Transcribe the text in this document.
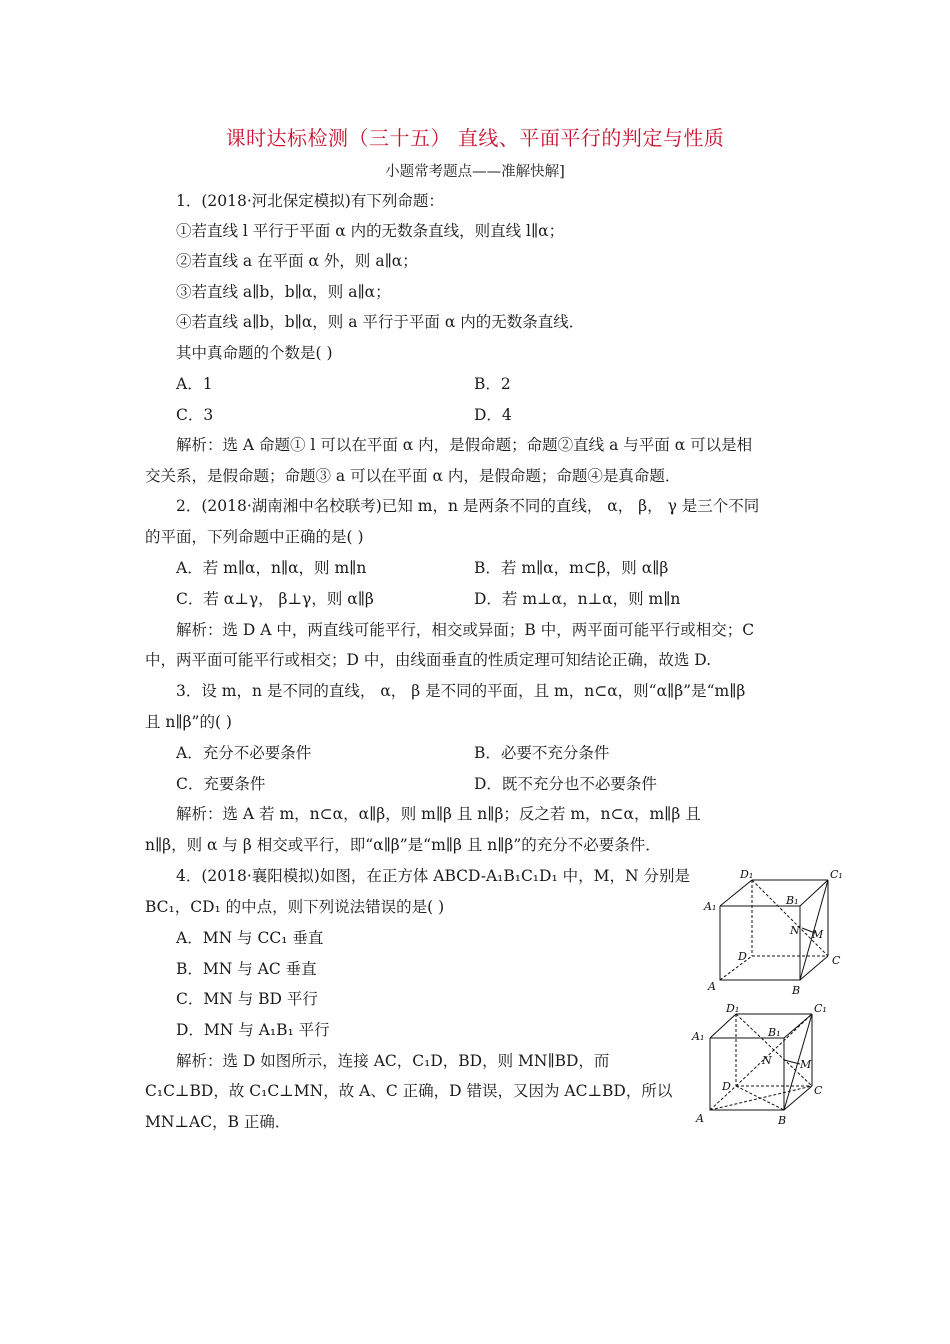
课时达标检测（三十五） 直线、平面平行的判定与性质
小题常考题点——准解快解]
1．(2018·河北保定模拟)有下列命题：
①若直线 l 平行于平面 α 内的无数条直线，则直线 l∥α；
②若直线 a 在平面 α 外，则 a∥α；
③若直线 a∥b，b∥α，则 a∥α；
④若直线 a∥b，b∥α，则 a 平行于平面 α 内的无数条直线．
其中真命题的个数是( )
A．1	B．2
C．3	D．4
解析：选 A 命题① l 可以在平面 α 内，是假命题；命题②直线 a 与平面 α 可以是相
交关系，是假命题；命题③ a 可以在平面 α 内，是假命题；命题④是真命题．
2．(2018·湖南湘中名校联考)已知 m，n 是两条不同的直线， α， β， γ 是三个不同
的平面，下列命题中正确的是( )
A．若 m∥α，n∥α，则 m∥n	B．若 m∥α，m⊂β，则 α∥β
C．若 α⊥γ， β⊥γ，则 α∥β	D．若 m⊥α，n⊥α，则 m∥n
解析：选 D A 中，两直线可能平行，相交或异面；B 中，两平面可能平行或相交；C
中，两平面可能平行或相交；D 中，由线面垂直的性质定理可知结论正确，故选 D.
3．设 m，n 是不同的直线， α， β 是不同的平面，且 m，n⊂α，则“α∥β”是“m∥β
且 n∥β”的( )
A．充分不必要条件	B．必要不充分条件
C．充要条件	D．既不充分也不必要条件
解析：选 A 若 m，n⊂α，α∥β，则 m∥β 且 n∥β；反之若 m，n⊂α，m∥β 且
n∥β，则 α 与 β 相交或平行，即“α∥β”是“m∥β 且 n∥β”的充分不必要条件．
4．(2018·襄阳模拟)如图，在正方体 ABCD-A₁B₁C₁D₁ 中，M，N 分别是
BC₁，CD₁ 的中点，则下列说法错误的是( )
A．MN 与 CC₁ 垂直
B．MN 与 AC 垂直
C．MN 与 BD 平行
D．MN 与 A₁B₁ 平行
解析：选 D 如图所示，连接 AC，C₁D，BD，则 MN∥BD，而
C₁C⊥BD，故 C₁C⊥MN，故 A、C 正确，D 错误，又因为 AC⊥BD，所以
MN⊥AC，B 正确．
D₁	C₁
A₁	B₁
N M
D	C
A	B
D₁	C₁
A₁	B₁
N	M
D	C
A	B
